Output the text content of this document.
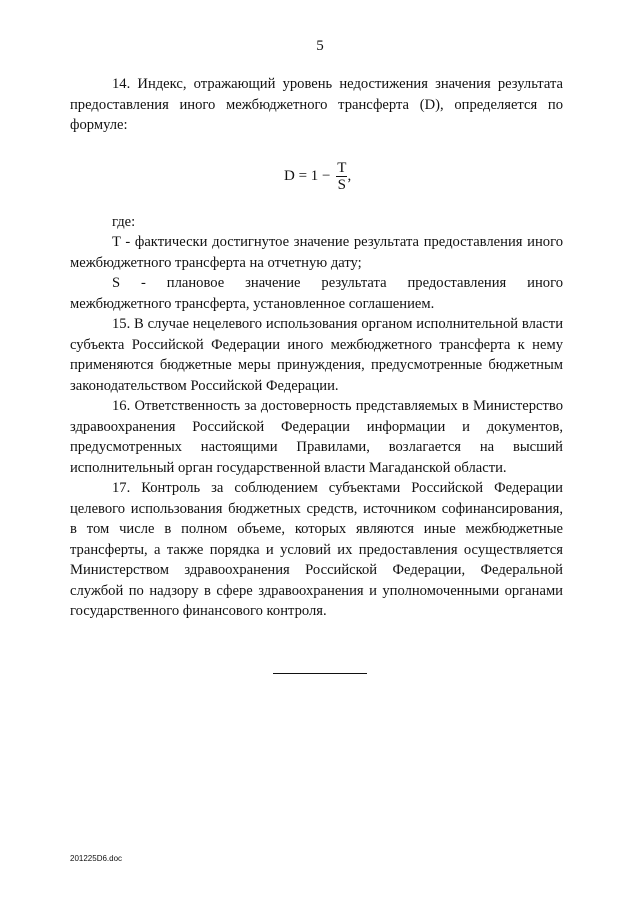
5

14. Индекс, отражающий уровень недостижения значения результата предоставления иного межбюджетного трансферта (D), определяется по формуле:

$D = 1 - \frac{T}{S}$ ,

где:

T - фактически достигнутое значение результата предоставления иного межбюджетного трансферта на отчетную дату;

S - плановое значение результата предоставления иного межбюджетного трансферта, установленное соглашением.

15. В случае нецелевого использования органом исполнительной власти субъекта Российской Федерации иного межбюджетного трансферта к нему применяются бюджетные меры принуждения, предусмотренные бюджетным законодательством Российской Федерации.

16. Ответственность за достоверность представляемых в Министерство здравоохранения Российской Федерации информации и документов, предусмотренных настоящими Правилами, возлагается на высший исполнительный орган государственной власти Магаданской области.

17. Контроль за соблюдением субъектами Российской Федерации целевого использования бюджетных средств, источником софинансирования, в том числе в полном объеме, которых являются иные межбюджетные трансферты, а также порядка и условий их предоставления осуществляется Министерством здравоохранения Российской Федерации, Федеральной службой по надзору в сфере здравоохранения и уполномоченными органами государственного финансового контроля.

201225D6.doc
